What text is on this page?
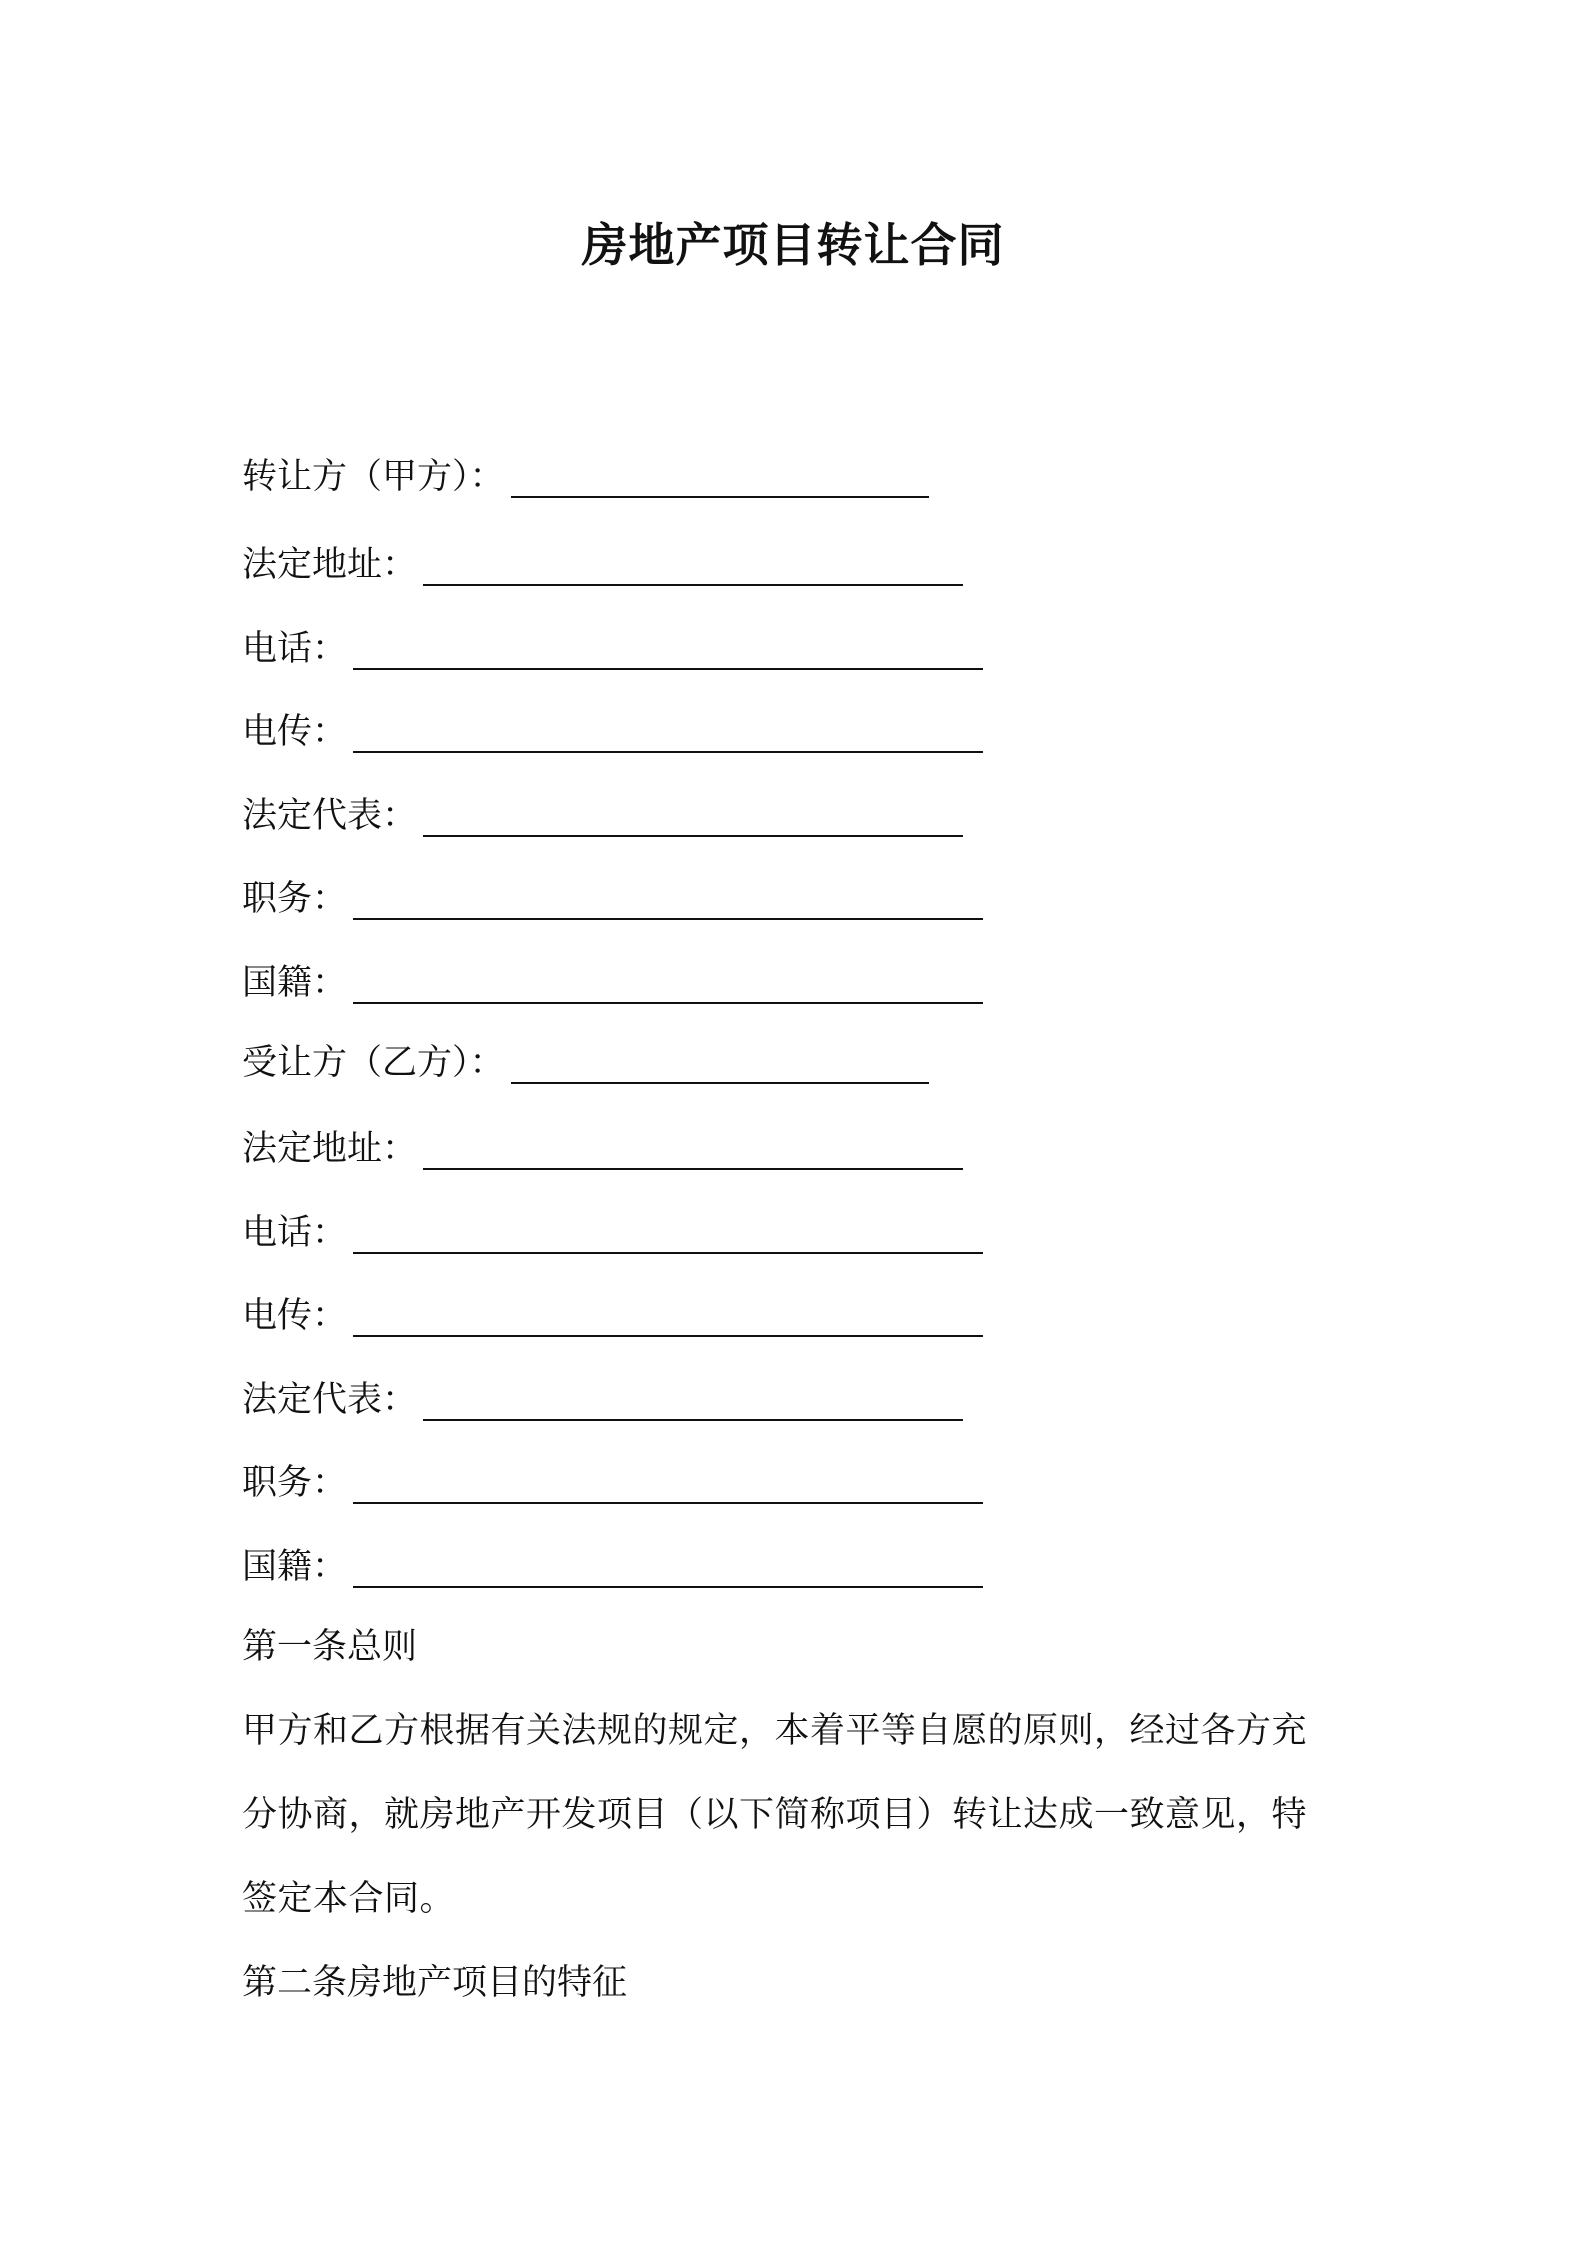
房地产项目转让合同
转让方（甲方）：
法定地址：
电话：
电传：
法定代表：
职务：
国籍：
受让方（乙方）：
法定地址：
电话：
电传：
法定代表：
职务：
国籍：
第一条总则
甲方和乙方根据有关法规的规定，本着平等自愿的原则，经过各方充
分协商，就房地产开发项目（以下简称项目）转让达成一致意见，特
签定本合同。
第二条房地产项目的特征
